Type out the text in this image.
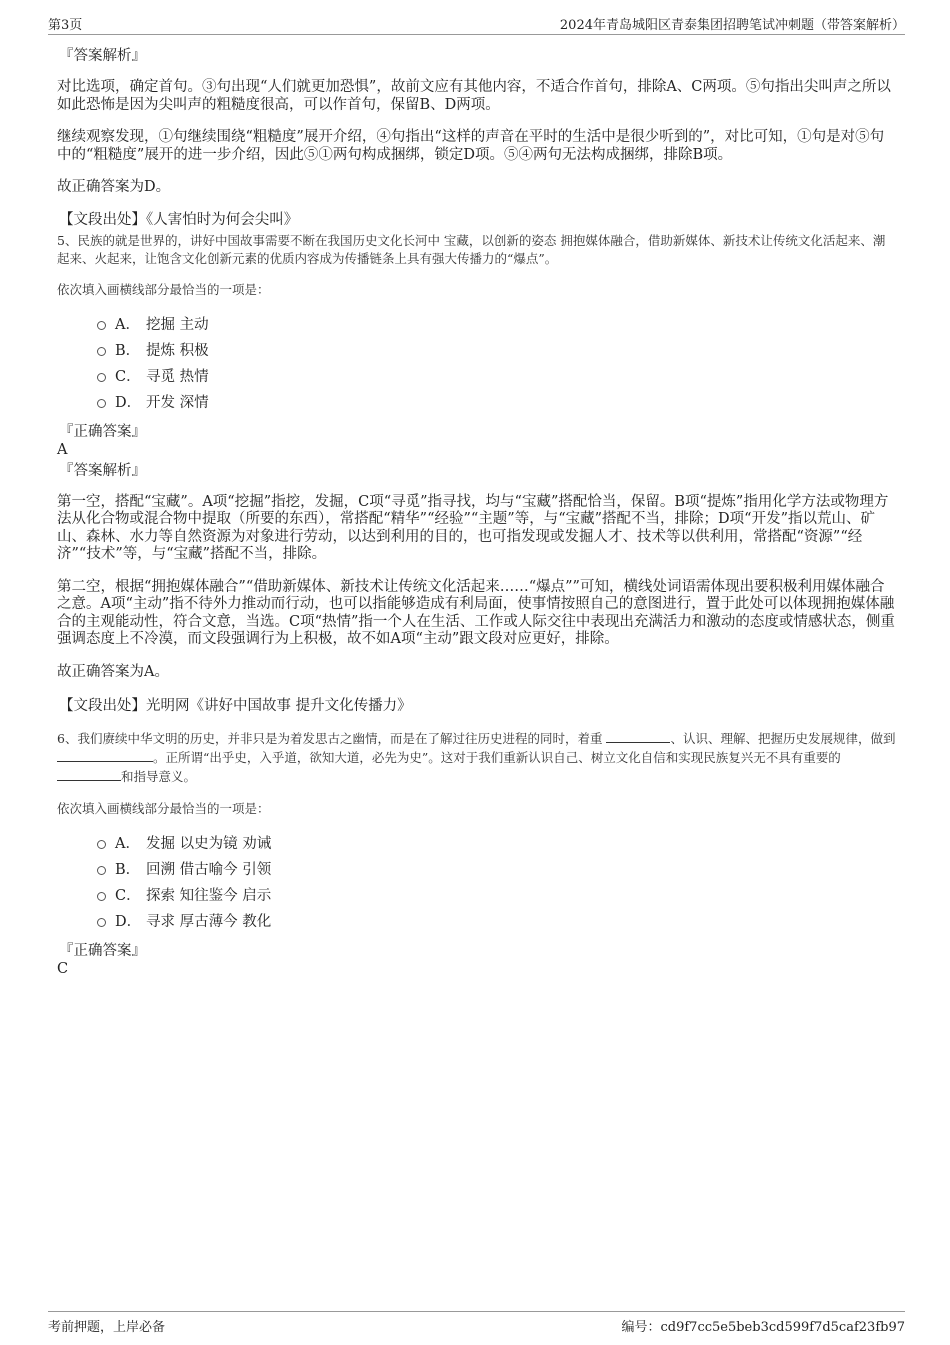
第3页	2024年青岛城阳区青泰集团招聘笔试冲刺题（带答案解析）

『答案解析』

对比选项，确定首句。③句出现“人们就更加恐惧”，故前文应有其他内容，不适合作首句，排除A、C两项。⑤句指出尖叫声之所以如此恐怖是因为尖叫声的粗糙度很高，可以作首句，保留B、D两项。

继续观察发现，①句继续围绕“粗糙度”展开介绍，④句指出“这样的声音在平时的生活中是很少听到的”，对比可知，①句是对⑤句中的“粗糙度”展开的进一步介绍，因此⑤①两句构成捆绑，锁定D项。⑤④两句无法构成捆绑，排除B项。

故正确答案为D。

【文段出处】《人害怕时为何会尖叫》

5、民族的就是世界的，讲好中国故事需要不断在我国历史文化长河中 宝藏，以创新的姿态 拥抱媒体融合，借助新媒体、新技术让传统文化活起来、潮起来、火起来，让饱含文化创新元素的优质内容成为传播链条上具有强大传播力的“爆点”。

依次填入画横线部分最恰当的一项是：

A． 挖掘 主动
B． 提炼 积极
C． 寻觅 热情
D． 开发 深情

『正确答案』

A

『答案解析』

第一空，搭配“宝藏”。A项“挖掘”指挖，发掘，C项“寻觅”指寻找，均与“宝藏”搭配恰当，保留。B项“提炼”指用化学方法或物理方法从化合物或混合物中提取（所要的东西），常搭配“精华”“经验”“主题”等，与“宝藏”搭配不当，排除；D项“开发”指以荒山、矿山、森林、水力等自然资源为对象进行劳动，以达到利用的目的，也可指发现或发掘人才、技术等以供利用，常搭配“资源”“经济”“技术”等，与“宝藏”搭配不当，排除。

第二空，根据“拥抱媒体融合”“借助新媒体、新技术让传统文化活起来……“爆点””可知，横线处词语需体现出要积极利用媒体融合之意。A项“主动”指不待外力推动而行动，也可以指能够造成有利局面，使事情按照自己的意图进行，置于此处可以体现拥抱媒体融合的主观能动性，符合文意，当选。C项“热情”指一个人在生活、工作或人际交往中表现出充满活力和激动的态度或情感状态，侧重强调态度上不冷漠，而文段强调行为上积极，故不如A项“主动”跟文段对应更好，排除。

故正确答案为A。

【文段出处】光明网《讲好中国故事 提升文化传播力》

6、我们赓续中华文明的历史，并非只是为着发思古之幽情，而是在了解过往历史进程的同时，着重	、认识、理解、把握历史发展规律，做到 。正所谓“出乎史，入乎道，欲知大道，必先为史”。这对于我们重新认识自己、树立文化自信和实现民族复兴无不具有重要的 和指导意义。

依次填入画横线部分最恰当的一项是：

A． 发掘 以史为镜 劝诫
B． 回溯 借古喻今 引领
C． 探索 知往鉴今 启示
D． 寻求 厚古薄今 教化

『正确答案』

C

考前押题，上岸必备	编号：cd9f7cc5e5beb3cd599f7d5caf23fb97
